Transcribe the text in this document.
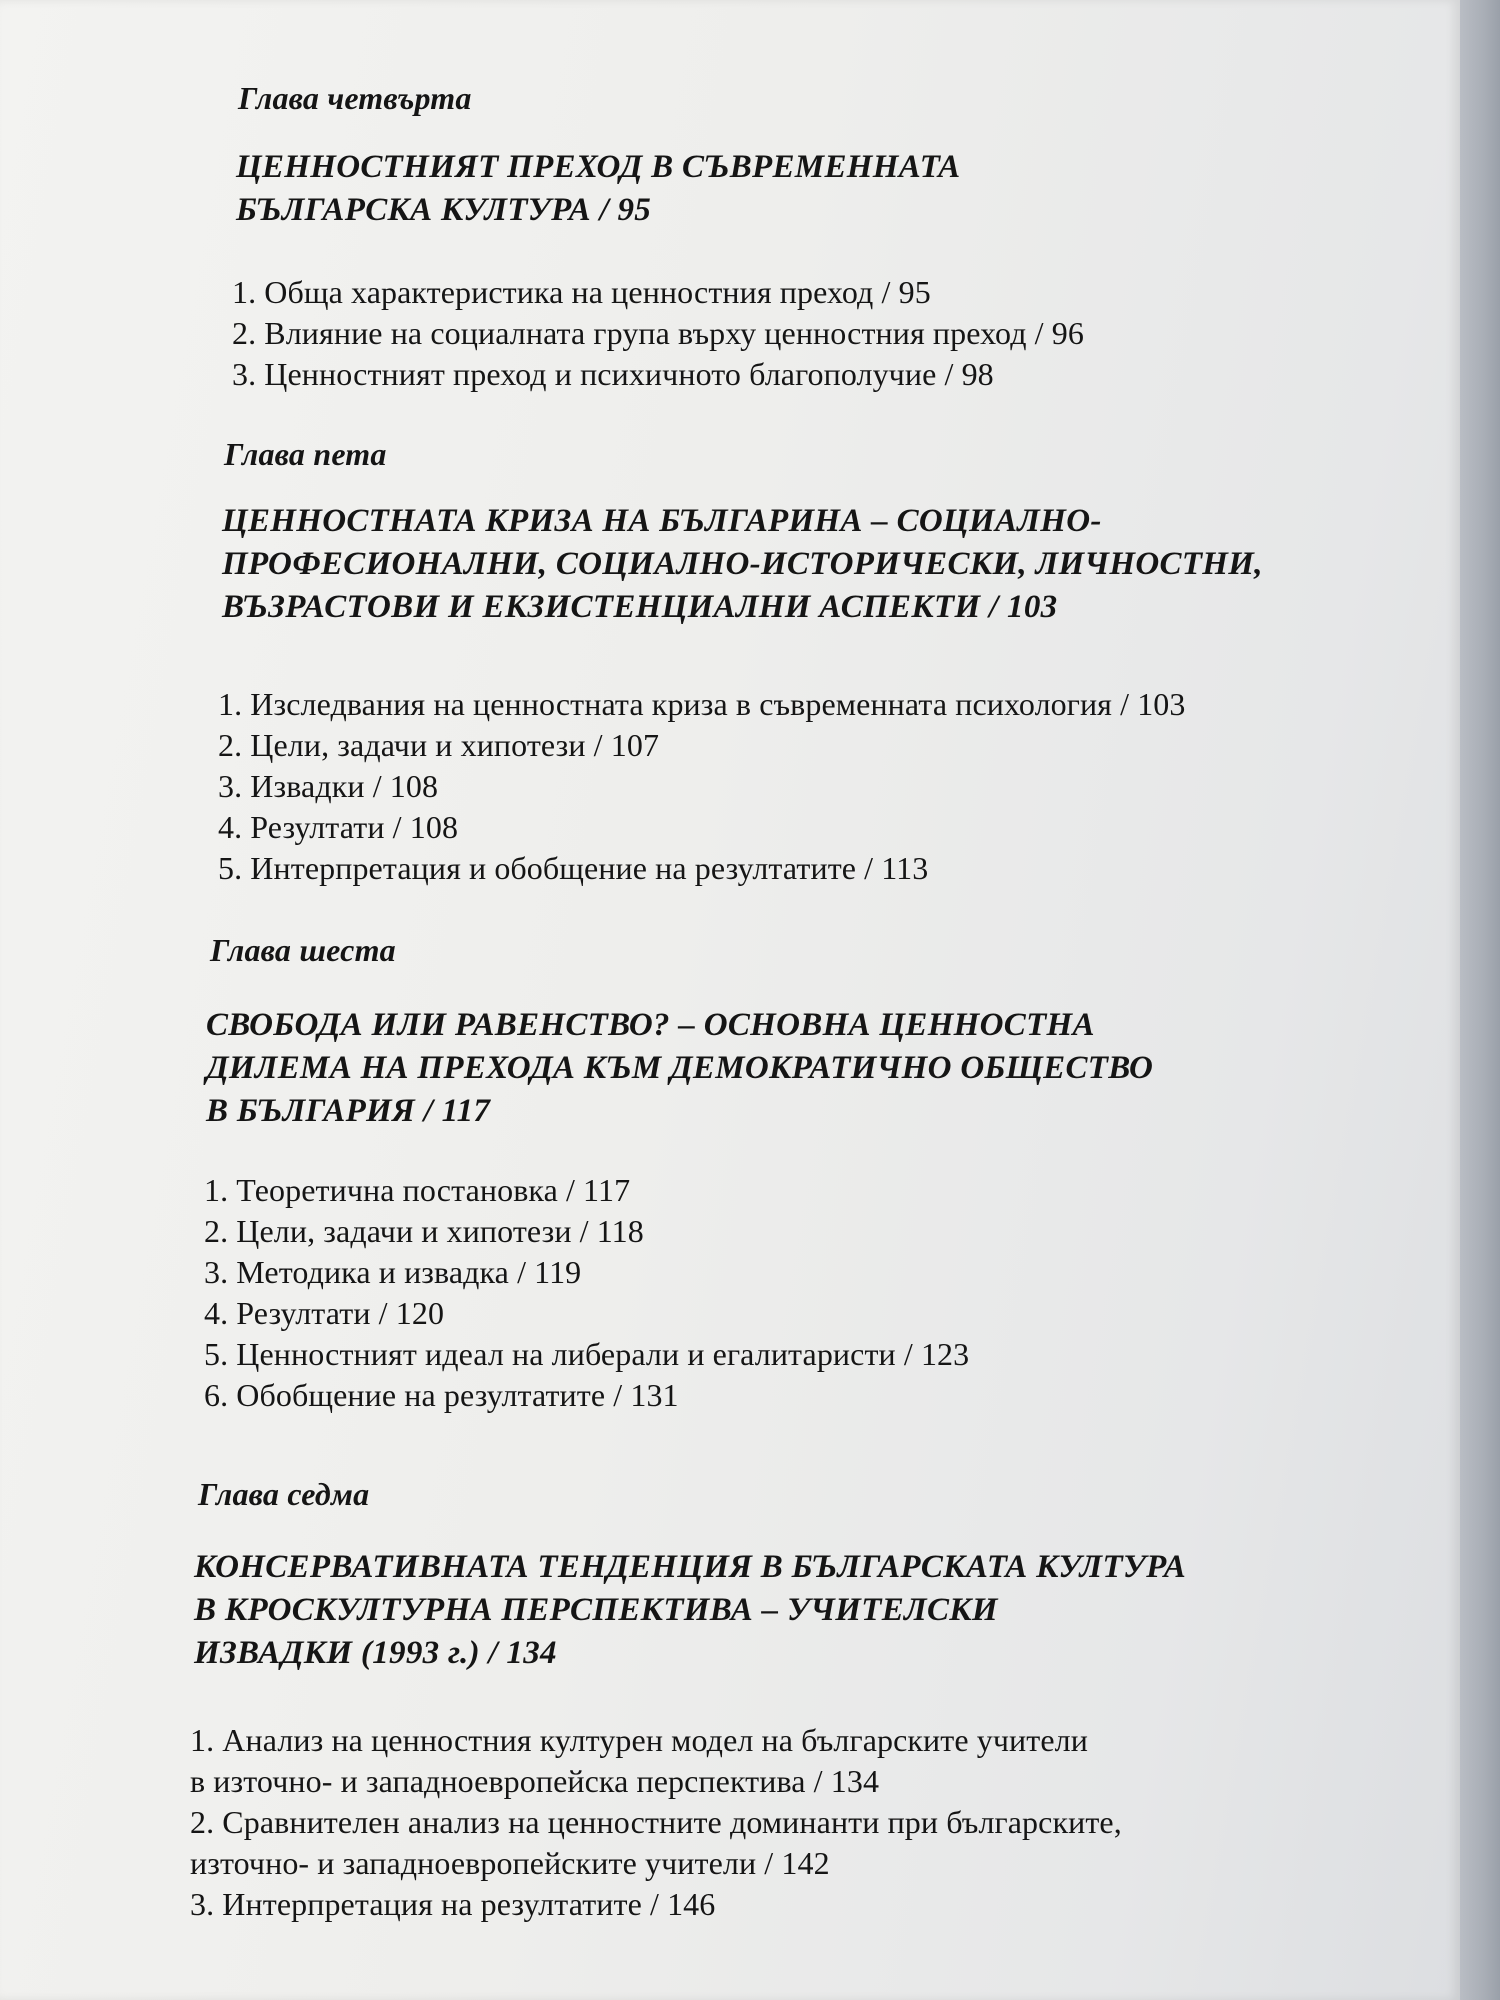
Глава четвърта
ЦЕННОСТНИЯТ ПРЕХОД В СЪВРЕМЕННАТА
БЪЛГАРСКА КУЛТУРА / 95
1. Обща характеристика на ценностния преход / 95
2. Влияние на социалната група върху ценностния преход / 96
3. Ценностният преход и психичното благополучие / 98
Глава пета
ЦЕННОСТНАТА КРИЗА НА БЪЛГАРИНА – СОЦИАЛНО-
ПРОФЕСИОНАЛНИ, СОЦИАЛНО-ИСТОРИЧЕСКИ, ЛИЧНОСТНИ,
ВЪЗРАСТОВИ И ЕКЗИСТЕНЦИАЛНИ АСПЕКТИ / 103
1. Изследвания на ценностната криза в съвременната психология / 103
2. Цели, задачи и хипотези / 107
3. Извадки / 108
4. Резултати / 108
5. Интерпретация и обобщение на резултатите / 113
Глава шеста
СВОБОДА ИЛИ РАВЕНСТВО? – ОСНОВНА ЦЕННОСТНА
ДИЛЕМА НА ПРЕХОДА КЪМ ДЕМОКРАТИЧНО ОБЩЕСТВО
В БЪЛГАРИЯ / 117
1. Теоретична постановка / 117
2. Цели, задачи и хипотези / 118
3. Методика и извадка / 119
4. Резултати / 120
5. Ценностният идеал на либерали и егалитаристи / 123
6. Обобщение на резултатите / 131
Глава седма
КОНСЕРВАТИВНАТА ТЕНДЕНЦИЯ В БЪЛГАРСКАТА КУЛТУРА
В КРОСКУЛТУРНА ПЕРСПЕКТИВА – УЧИТЕЛСКИ
ИЗВАДКИ (1993 г.) / 134
1. Анализ на ценностния културен модел на българските учители
в източно- и западноевропейска перспектива / 134
2. Сравнителен анализ на ценностните доминанти при българските,
източно- и западноевропейските учители / 142
3. Интерпретация на резултатите / 146
